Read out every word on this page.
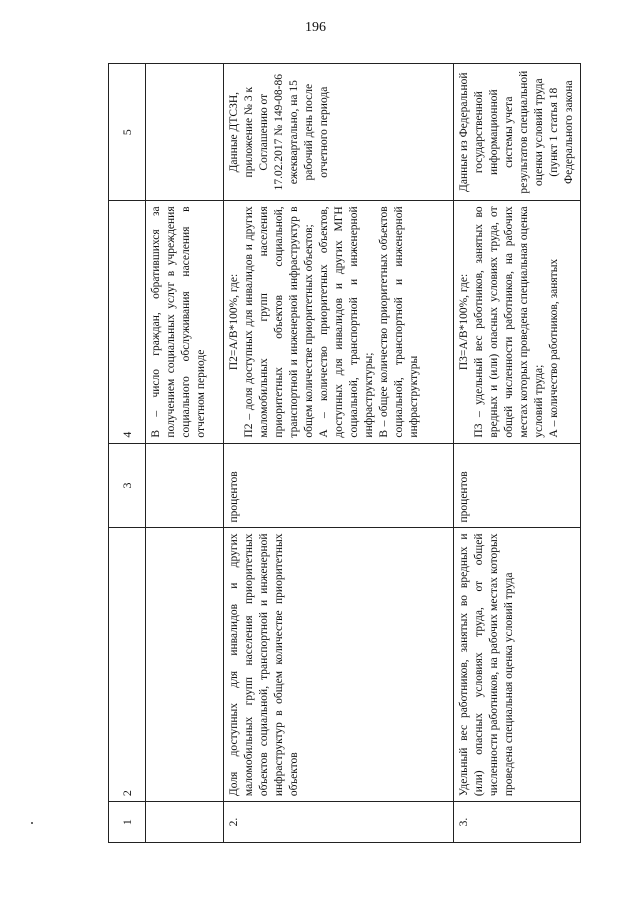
196
1	2	3	4	5
			В – число граждан, обратившихся за получением социальных услуг в учреждения социального обслуживания населения в отчетном периоде	
2.	Доля доступных для инвалидов и других маломобильных групп населения приоритетных объектов социальной, транспортной и инженерной инфраструктур в общем количестве приоритетных объектов	процентов	П2=А/В*100%, где: П2 – доля доступных для инвалидов и других маломобильных групп населения приоритетных объектов социальной, транспортной и инженерной инфраструктур в общем количестве приоритетных объектов; А – количество приоритетных объектов, доступных для инвалидов и других МГН социальной, транспортной и инженерной инфраструктуры; В – общее количество приоритетных объектов социальной, транспортной и инженерной инфраструктуры	Данные ДТСЗН, приложение № 3 к Соглашению от 17.02.2017 № 149-08-86 ежеквартально, на 15 рабочий день после отчетного периода
3.	Удельный вес работников, занятых во вредных и (или) опасных условиях труда, от общей численности работников, на рабочих местах которых проведена специальная оценка условий труда	процентов	П3=А/В*100%, где: П3 – удельный вес работников, занятых во вредных и (или) опасных условиях труда, от общей численности работников, на рабочих местах которых проведена специальная оценка условий труда; А – количество работников, занятых	Данные из Федеральной государственной информационной системы учета результатов специальной оценки условий труда (пункт 1 статья 18 Федерального закона
